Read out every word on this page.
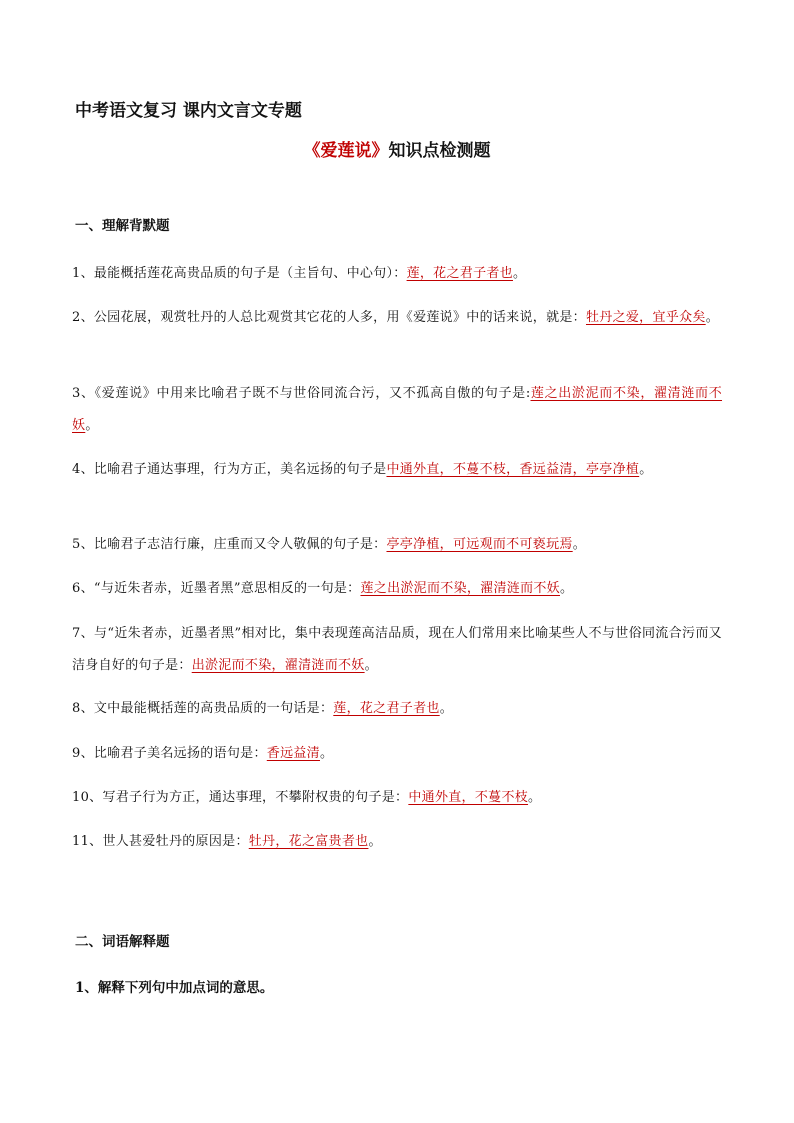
中考语文复习 课内文言文专题
《爱莲说》知识点检测题
一、理解背默题
1、最能概括莲花高贵品质的句子是（主旨句、中心句）：莲，花之君子者也。
2、公园花展，观赏牡丹的人总比观赏其它花的人多，用《爱莲说》中的话来说，就是：牡丹之爱，宜乎众矣。
3、《爱莲说》中用来比喻君子既不与世俗同流合污，又不孤高自傲的句子是:莲之出淤泥而不染，濯清涟而不妖。
4、比喻君子通达事理，行为方正，美名远扬的句子是中通外直，不蔓不枝，香远益清，亭亭净植。
5、比喻君子志洁行廉，庄重而又令人敬佩的句子是：亭亭净植，可远观而不可亵玩焉。
6、“与近朱者赤，近墨者黑”意思相反的一句是：莲之出淤泥而不染，濯清涟而不妖。
7、与“近朱者赤，近墨者黑”相对比，集中表现莲高洁品质，现在人们常用来比喻某些人不与世俗同流合污而又洁身自好的句子是：出淤泥而不染，濯清涟而不妖。
8、文中最能概括莲的高贵品质的一句话是：莲，花之君子者也。
9、比喻君子美名远扬的语句是：香远益清。
10、写君子行为方正，通达事理，不攀附权贵的句子是：中通外直，不蔓不枝。
11、世人甚爱牡丹的原因是：牡丹，花之富贵者也。
二、词语解释题
1、解释下列句中加点词的意思。
